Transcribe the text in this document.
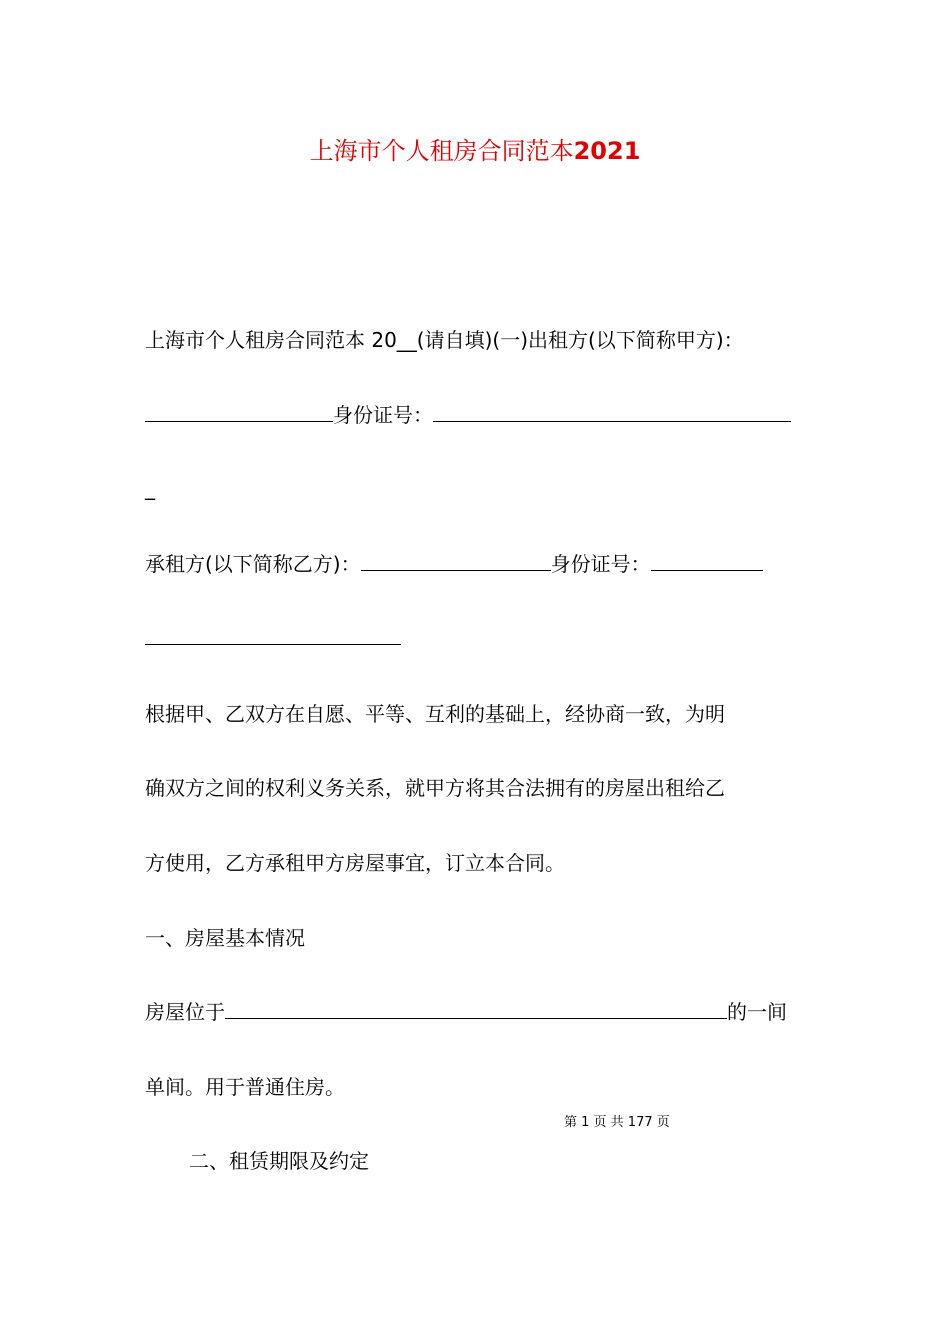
上海市个人租房合同范本2021
上海市个人租房合同范本 20__(请自填)(一)出租方(以下简称甲方)：
身份证号：
_
承租方(以下简称乙方)：	身份证号：
根据甲、乙双方在自愿、平等、互利的基础上，经协商一致，为明
确双方之间的权利义务关系，就甲方将其合法拥有的房屋出租给乙
方使用，乙方承租甲方房屋事宜，订立本合同。
一、房屋基本情况
房屋位于	的一间
单间。用于普通住房。
第 1 页 共 177 页
二、租赁期限及约定
